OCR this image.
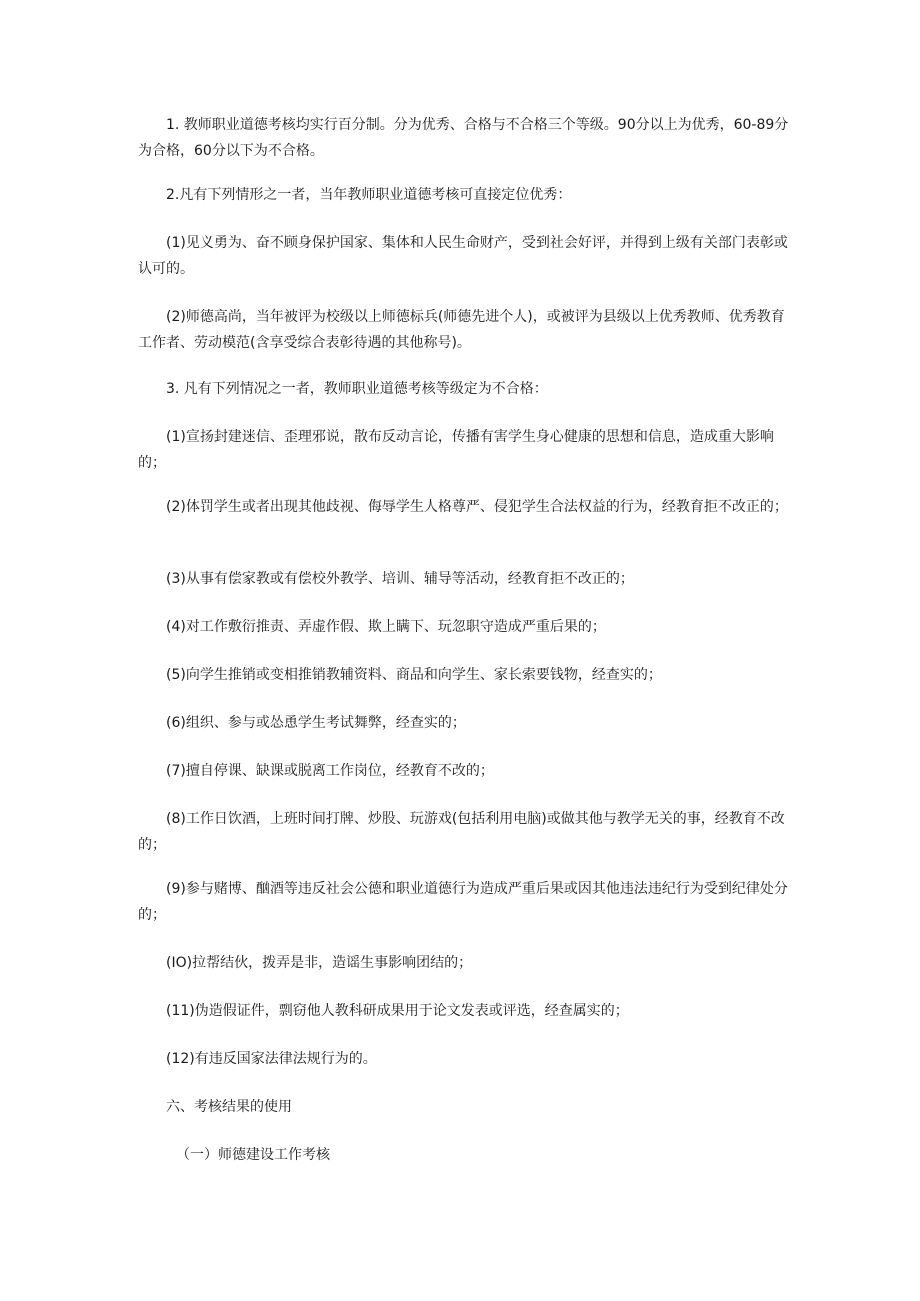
1. 教师职业道德考核均实行百分制。分为优秀、合格与不合格三个等级。90分以上为优秀，60-89分为合格，60分以下为不合格。

2.凡有下列情形之一者，当年教师职业道德考核可直接定位优秀：

(1)见义勇为、奋不顾身保护国家、集体和人民生命财产，受到社会好评，并得到上级有关部门表彰或认可的。

(2)师德高尚，当年被评为校级以上师德标兵(师德先进个人)，或被评为县级以上优秀教师、优秀教育工作者、劳动模范(含享受综合表彰待遇的其他称号)。

3. 凡有下列情况之一者，教师职业道德考核等级定为不合格：

(1)宣扬封建迷信、歪理邪说，散布反动言论，传播有害学生身心健康的思想和信息，造成重大影响的；

(2)体罚学生或者出现其他歧视、侮辱学生人格尊严、侵犯学生合法权益的行为，经教育拒不改正的；

(3)从事有偿家教或有偿校外教学、培训、辅导等活动，经教育拒不改正的；

(4)对工作敷衍推责、弄虚作假、欺上瞒下、玩忽职守造成严重后果的；

(5)向学生推销或变相推销教辅资料、商品和向学生、家长索要钱物，经查实的；

(6)组织、参与或怂恿学生考试舞弊，经查实的；

(7)擅自停课、缺课或脱离工作岗位，经教育不改的；

(8)工作日饮酒，上班时间打牌、炒股、玩游戏(包括利用电脑)或做其他与教学无关的事，经教育不改的；

(9)参与赌博、酗酒等违反社会公德和职业道德行为造成严重后果或因其他违法违纪行为受到纪律处分的；

(IO)拉帮结伙，拨弄是非，造谣生事影响团结的；

(11)伪造假证件，剽窃他人教科研成果用于论文发表或评选，经查属实的；

(12)有违反国家法律法规行为的。

六、考核结果的使用

（一）师德建设工作考核
